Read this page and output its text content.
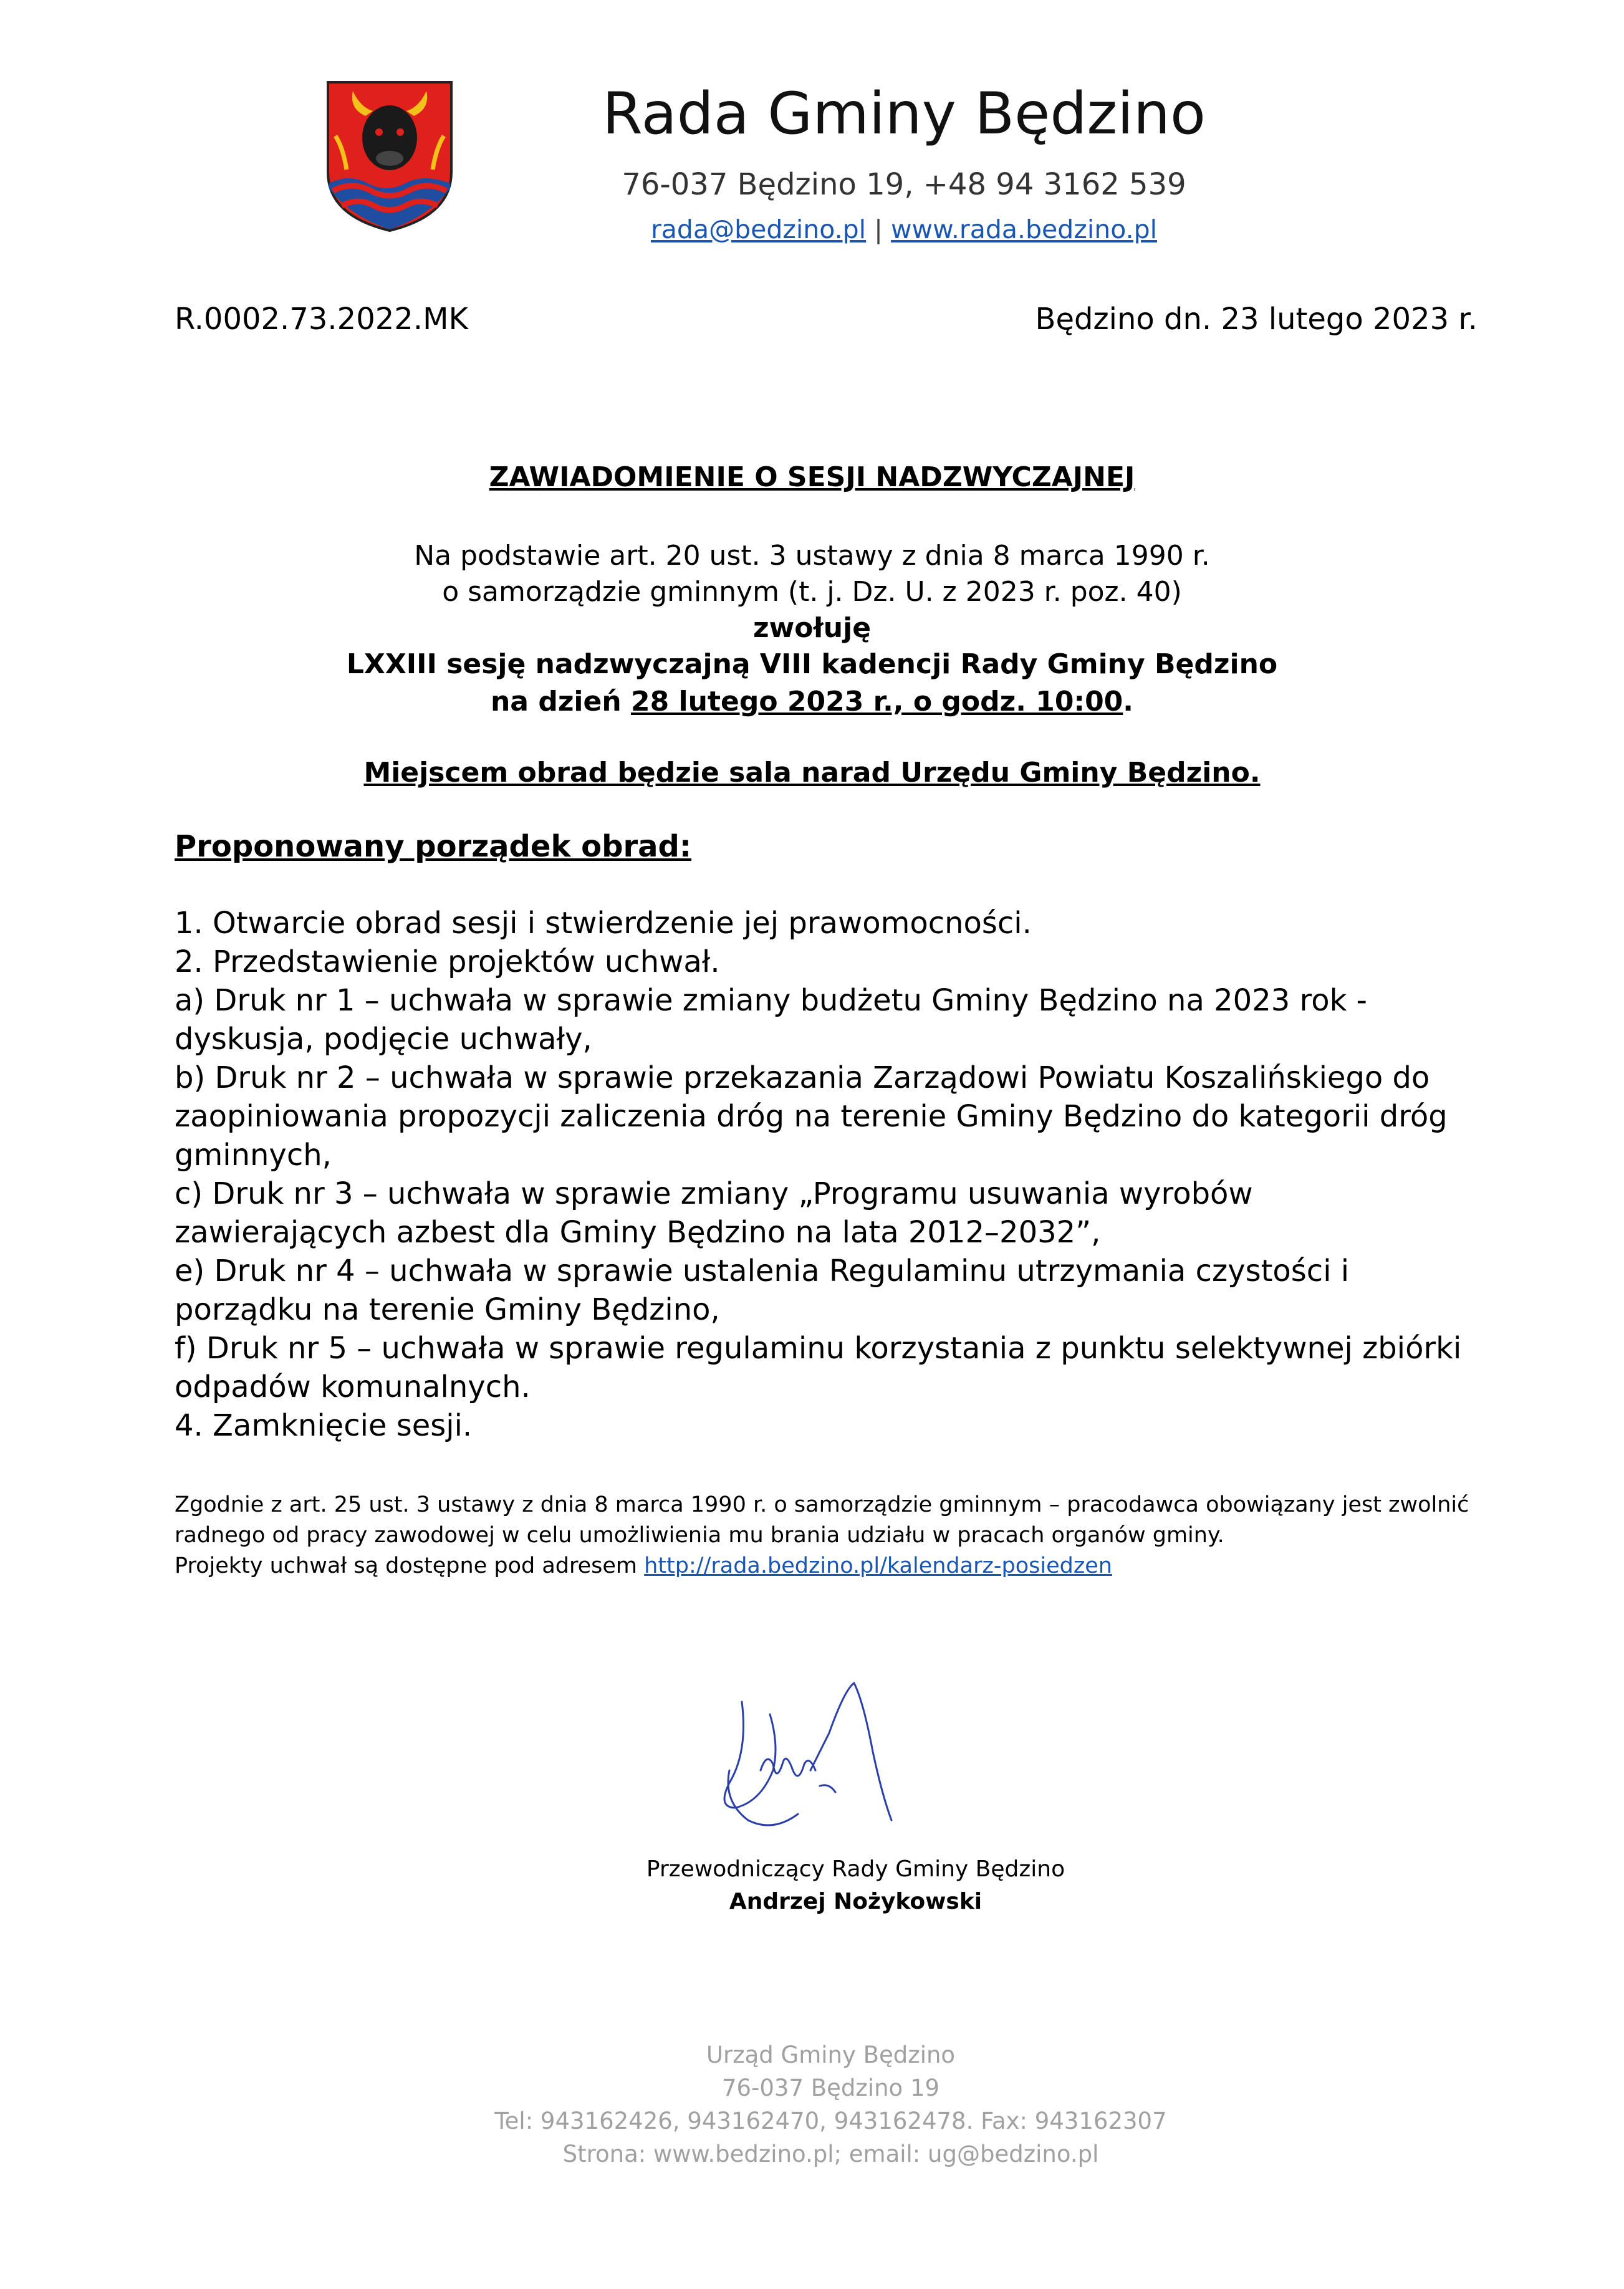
Rada Gminy Będzino
76-037 Będzino 19, +48 94 3162 539
rada@bedzino.pl | www.rada.bedzino.pl
R.0002.73.2022.MK	Będzino dn. 23 lutego 2023 r.
ZAWIADOMIENIE O SESJI NADZWYCZAJNEJ
Na podstawie art. 20 ust. 3 ustawy z dnia 8 marca 1990 r.
o samorządzie gminnym (t. j. Dz. U. z 2023 r. poz. 40)
zwołuję
LXXIII sesję nadzwyczajną VIII kadencji Rady Gminy Będzino
na dzień 28 lutego 2023 r., o godz. 10:00.
Miejscem obrad będzie sala narad Urzędu Gminy Będzino.
Proponowany porządek obrad:

1. Otwarcie obrad sesji i stwierdzenie jej prawomocności.

2. Przedstawienie projektów uchwał.

a) Druk nr 1 – uchwała w sprawie zmiany budżetu Gminy Będzino na 2023 rok - dyskusja, podjęcie uchwały,

b) Druk nr 2 – uchwała w sprawie przekazania Zarządowi Powiatu Koszalińskiego do zaopiniowania propozycji zaliczenia dróg na terenie Gminy Będzino do kategorii dróg gminnych,

c) Druk nr 3 – uchwała w sprawie zmiany „Programu usuwania wyrobów zawierających azbest dla Gminy Będzino na lata 2012–2032”,

e) Druk nr 4 – uchwała w sprawie ustalenia Regulaminu utrzymania czystości i porządku na terenie Gminy Będzino,

f) Druk nr 5 – uchwała w sprawie regulaminu korzystania z punktu selektywnej zbiórki odpadów komunalnych.

4. Zamknięcie sesji.

Zgodnie z art. 25 ust. 3 ustawy z dnia 8 marca 1990 r. o samorządzie gminnym – pracodawca obowiązany jest zwolnić radnego od pracy zawodowej w celu umożliwienia mu brania udziału w pracach organów gminy.
Projekty uchwał są dostępne pod adresem http://rada.bedzino.pl/kalendarz-posiedzen
Przewodniczący Rady Gminy Będzino
Andrzej Nożykowski
Urząd Gminy Będzino
76-037 Będzino 19
Tel: 943162426, 943162470, 943162478. Fax: 943162307
Strona: www.bedzino.pl; email: ug@bedzino.pl
